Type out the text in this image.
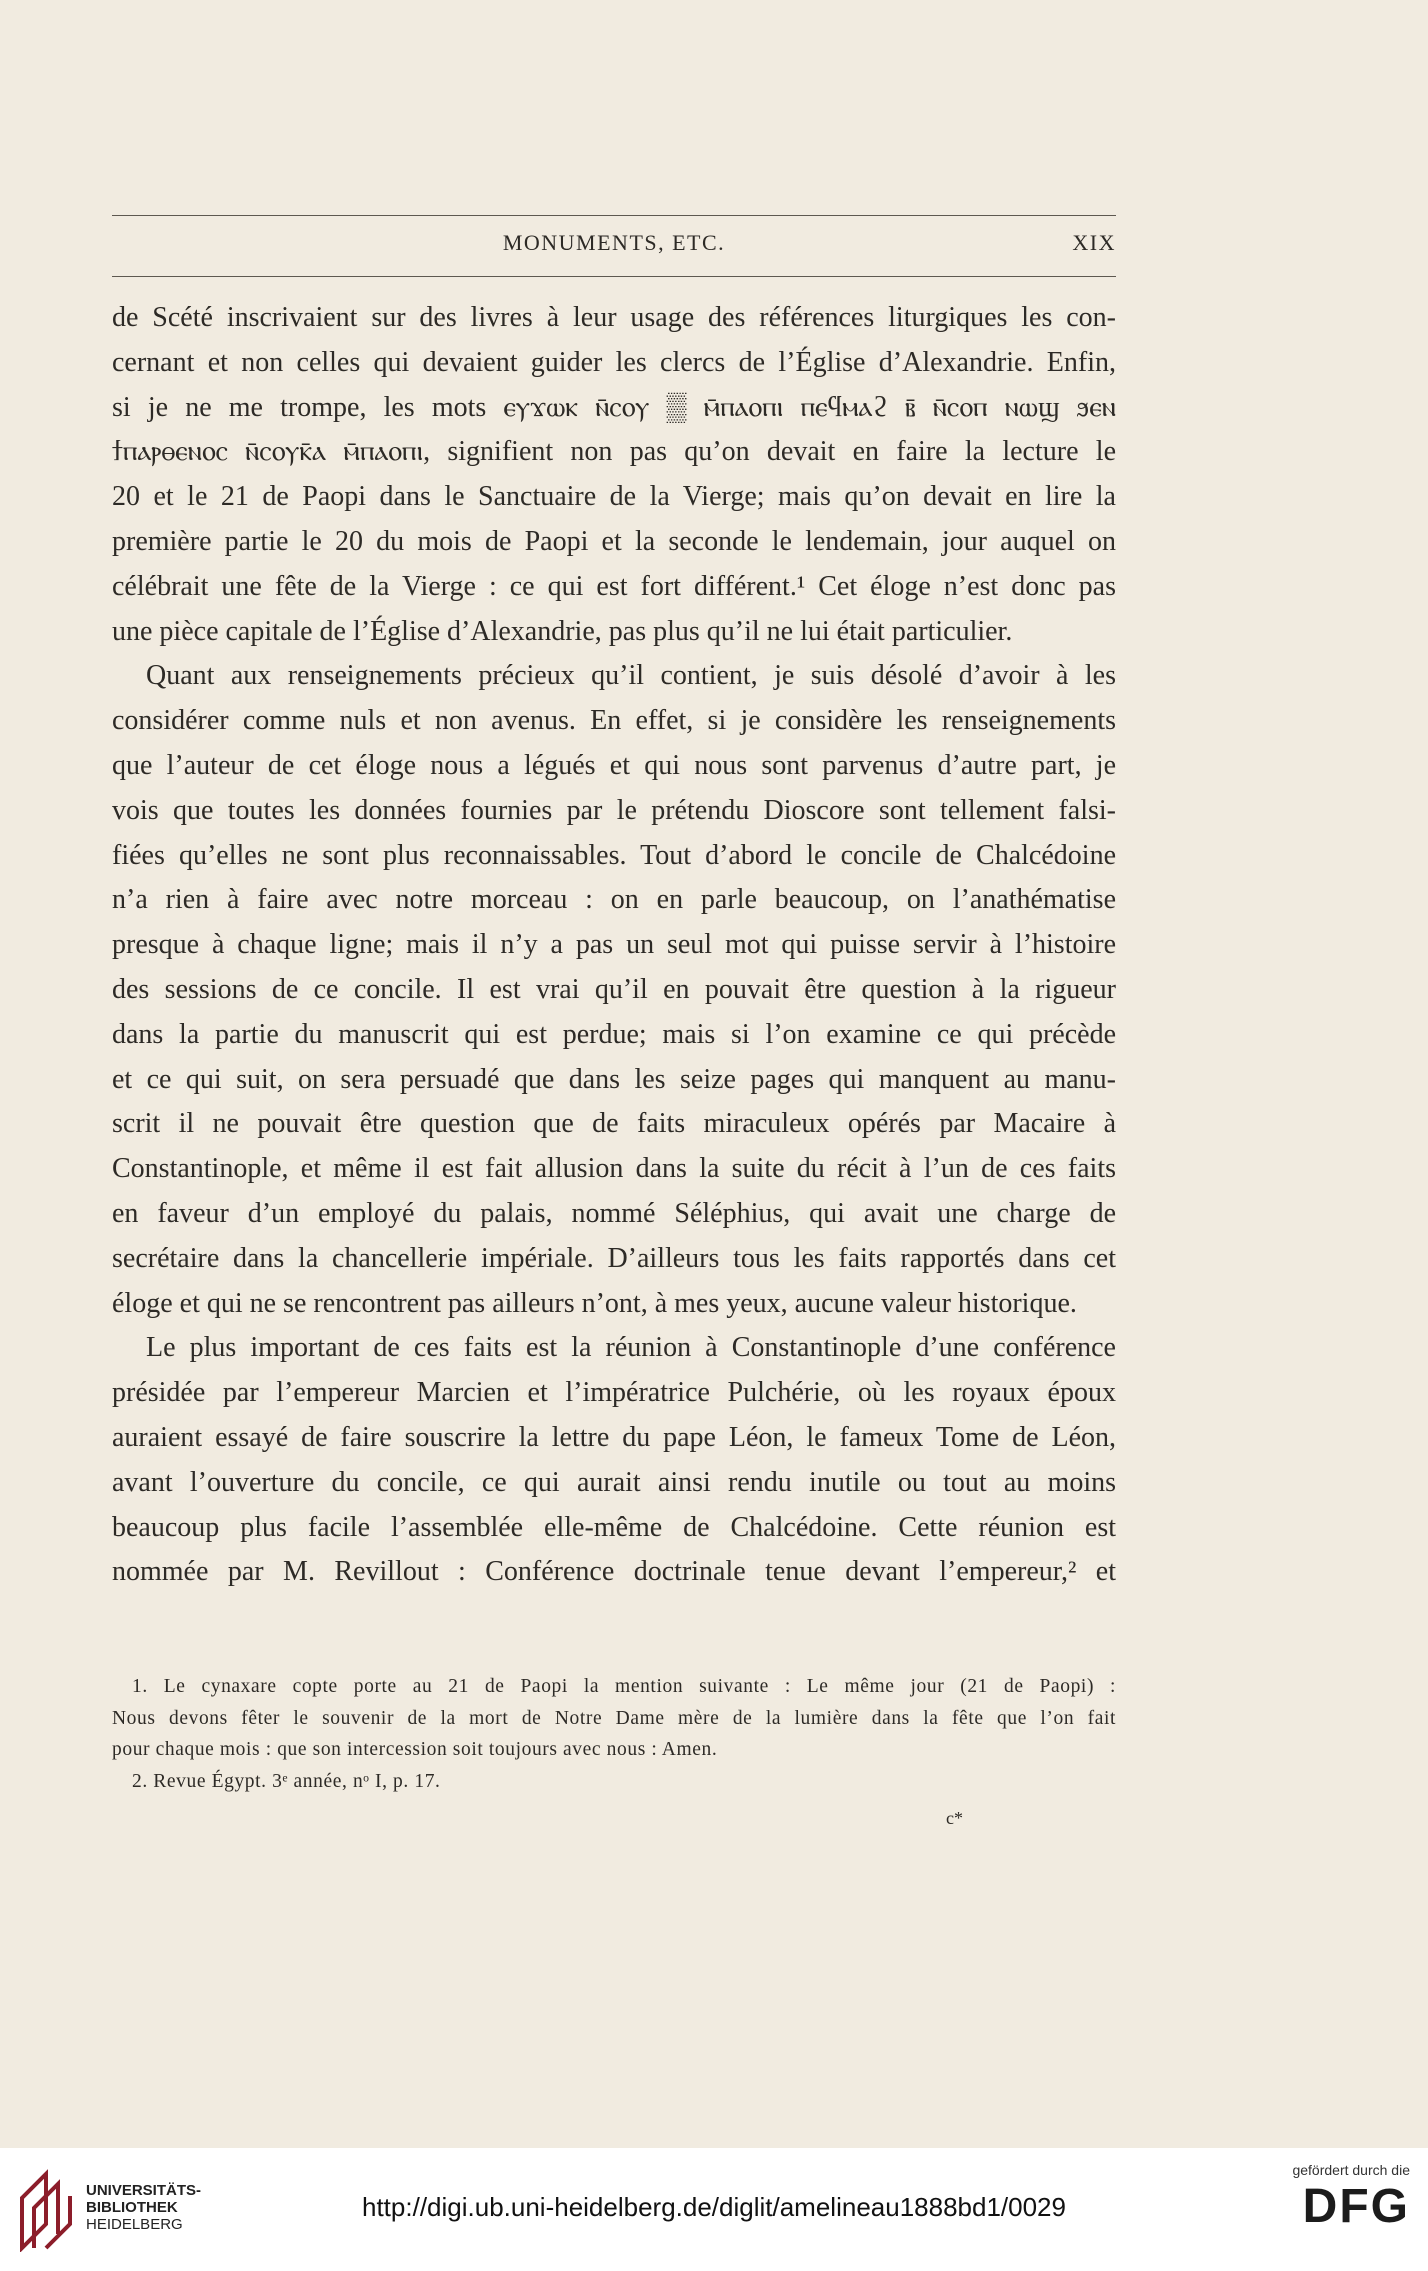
MONUMENTS, ETC.	XIX
de Scété inscrivaient sur des livres à leur usage des références liturgiques les con-
cernant et non celles qui devaient guider les clercs de l’Église d’Alexandrie. Enfin,
si je ne me trompe, les mots ⲉⲩϫⲱⲕ ⲛ̄ⲥⲟⲩ ▒ ⲙ̄ⲡⲁⲟⲡⲓ ⲡⲉϥⲙⲁϩ ⲃ̄ ⲛ̄ⲥⲟⲡ ⲛⲱϣ ϧⲉⲛ
ϯⲡⲁⲣⲑⲉⲛⲟⲥ ⲛ̄ⲥⲟⲩⲕ̄ⲁ ⲙ̄ⲡⲁⲟⲡⲓ, signifient non pas qu’on devait en faire la lecture le
20 et le 21 de Paopi dans le Sanctuaire de la Vierge; mais qu’on devait en lire la
première partie le 20 du mois de Paopi et la seconde le lendemain, jour auquel on
célébrait une fête de la Vierge : ce qui est fort différent.¹ Cet éloge n’est donc pas
une pièce capitale de l’Église d’Alexandrie, pas plus qu’il ne lui était particulier.
Quant aux renseignements précieux qu’il contient, je suis désolé d’avoir à les
considérer comme nuls et non avenus. En effet, si je considère les renseignements
que l’auteur de cet éloge nous a légués et qui nous sont parvenus d’autre part, je
vois que toutes les données fournies par le prétendu Dioscore sont tellement falsi-
fiées qu’elles ne sont plus reconnaissables. Tout d’abord le concile de Chalcédoine
n’a rien à faire avec notre morceau : on en parle beaucoup, on l’anathématise
presque à chaque ligne; mais il n’y a pas un seul mot qui puisse servir à l’histoire
des sessions de ce concile. Il est vrai qu’il en pouvait être question à la rigueur
dans la partie du manuscrit qui est perdue; mais si l’on examine ce qui précède
et ce qui suit, on sera persuadé que dans les seize pages qui manquent au manu-
scrit il ne pouvait être question que de faits miraculeux opérés par Macaire à
Constantinople, et même il est fait allusion dans la suite du récit à l’un de ces faits
en faveur d’un employé du palais, nommé Séléphius, qui avait une charge de
secrétaire dans la chancellerie impériale. D’ailleurs tous les faits rapportés dans cet
éloge et qui ne se rencontrent pas ailleurs n’ont, à mes yeux, aucune valeur historique.
Le plus important de ces faits est la réunion à Constantinople d’une conférence
présidée par l’empereur Marcien et l’impératrice Pulchérie, où les royaux époux
auraient essayé de faire souscrire la lettre du pape Léon, le fameux Tome de Léon,
avant l’ouverture du concile, ce qui aurait ainsi rendu inutile ou tout au moins
beaucoup plus facile l’assemblée elle-même de Chalcédoine. Cette réunion est
nommée par M. Revillout : Conférence doctrinale tenue devant l’empereur,² et
1. Le cynaxare copte porte au 21 de Paopi la mention suivante : Le même jour (21 de Paopi) :
Nous devons fêter le souvenir de la mort de Notre Dame mère de la lumière dans la fête que l’on fait
pour chaque mois : que son intercession soit toujours avec nous : Amen.
2. Revue Égypt. 3ᵉ année, nᵒ I, p. 17.
c*
UNIVERSITÄTS-
BIBLIOTHEK
HEIDELBERG
http://digi.ub.uni-heidelberg.de/diglit/amelineau1888bd1/0029
gefördert durch die
DFG
